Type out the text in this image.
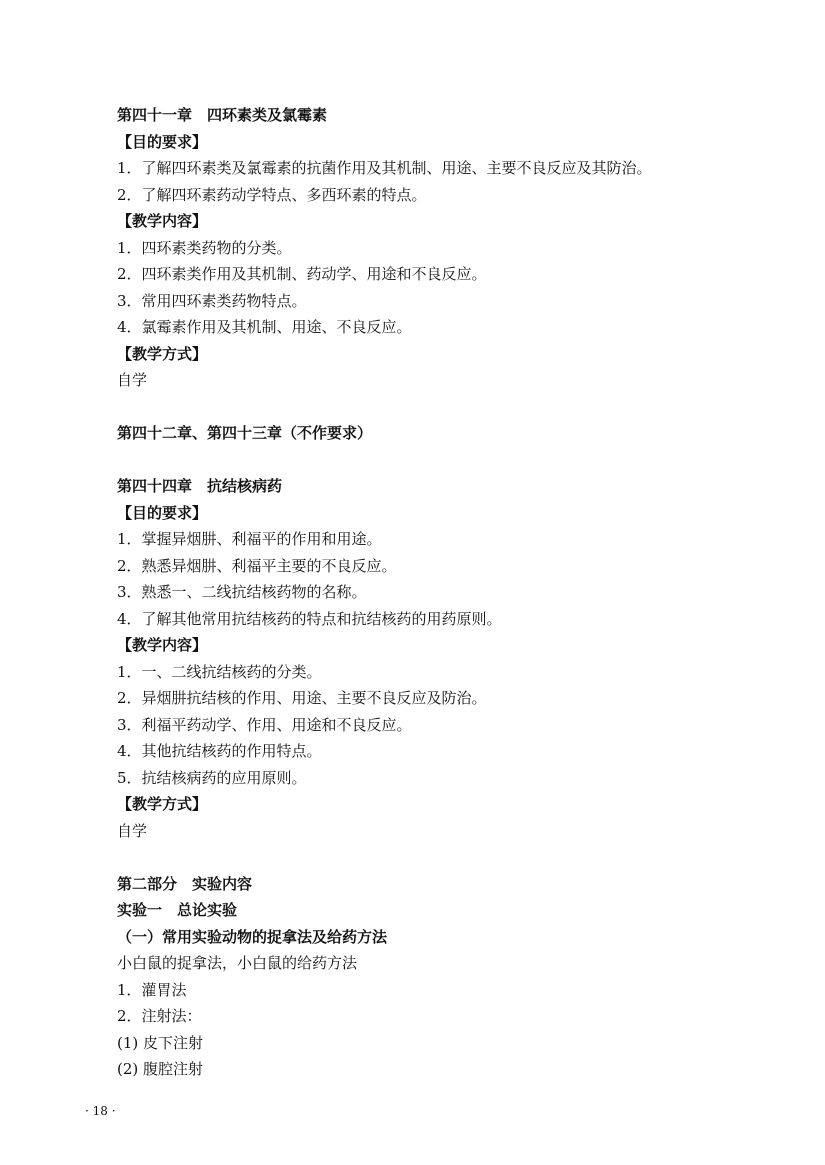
第四十一章　四环素类及氯霉素
【目的要求】
1．了解四环素类及氯霉素的抗菌作用及其机制、用途、主要不良反应及其防治。
2．了解四环素药动学特点、多西环素的特点。
【教学内容】
1．四环素类药物的分类。
2．四环素类作用及其机制、药动学、用途和不良反应。
3．常用四环素类药物特点。
4．氯霉素作用及其机制、用途、不良反应。
【教学方式】
自学
第四十二章、第四十三章（不作要求）
第四十四章　抗结核病药
【目的要求】
1．掌握异烟肼、利福平的作用和用途。
2．熟悉异烟肼、利福平主要的不良反应。
3．熟悉一、二线抗结核药物的名称。
4．了解其他常用抗结核药的特点和抗结核药的用药原则。
【教学内容】
1．一、二线抗结核药的分类。
2．异烟肼抗结核的作用、用途、主要不良反应及防治。
3．利福平药动学、作用、用途和不良反应。
4．其他抗结核药的作用特点。
5．抗结核病药的应用原则。
【教学方式】
自学
第二部分　实验内容
实验一　总论实验
（一）常用实验动物的捉拿法及给药方法
小白鼠的捉拿法，小白鼠的给药方法
1．灌胃法
2．注射法：
(1) 皮下注射
(2) 腹腔注射
· 18 ·
